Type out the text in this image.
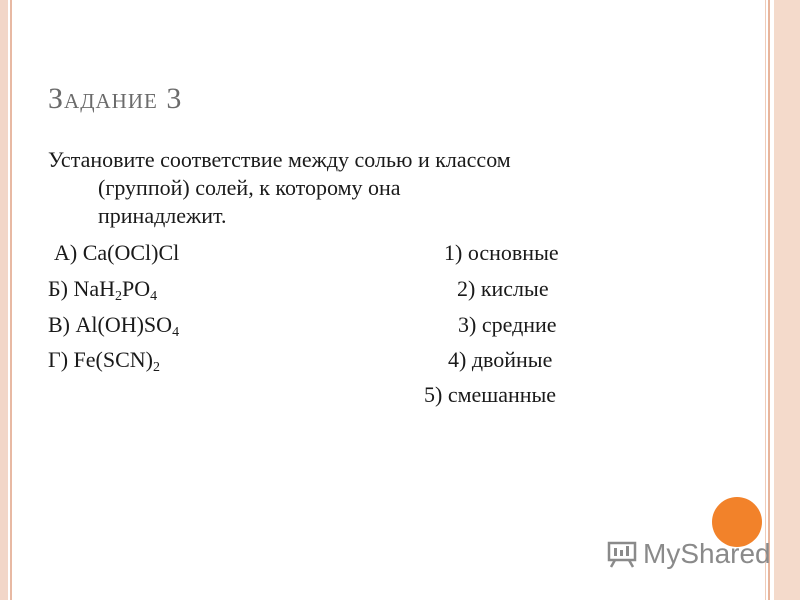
Задание 3
Установите соответствие между солью и классом
(группой) солей, к которому она
принадлежит.
А) Ca(OCl)Cl
Б) $NaH_2PO_4$
В) $Al(OH)SO_4$
Г) $Fe(SCN)_2$
1) основные
2) кислые
3) средние
4) двойные
5) смешанные
MyShared
